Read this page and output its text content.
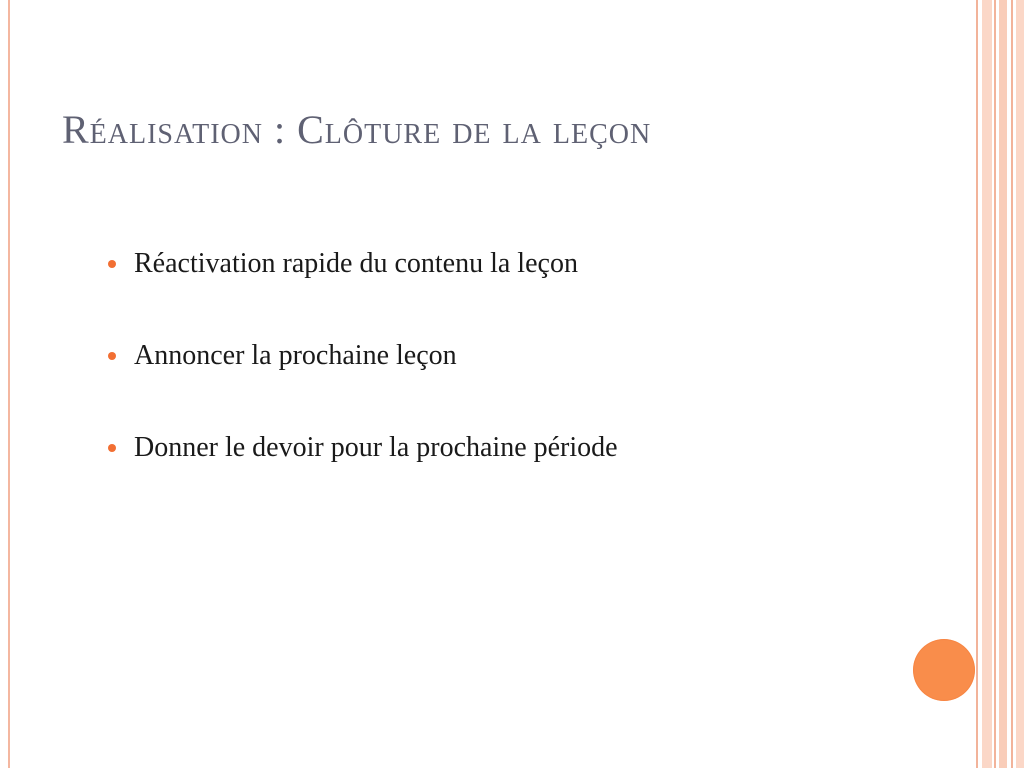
Réalisation : Clôture de la leçon
Réactivation rapide du contenu la leçon
Annoncer la prochaine leçon
Donner le devoir pour la prochaine période
